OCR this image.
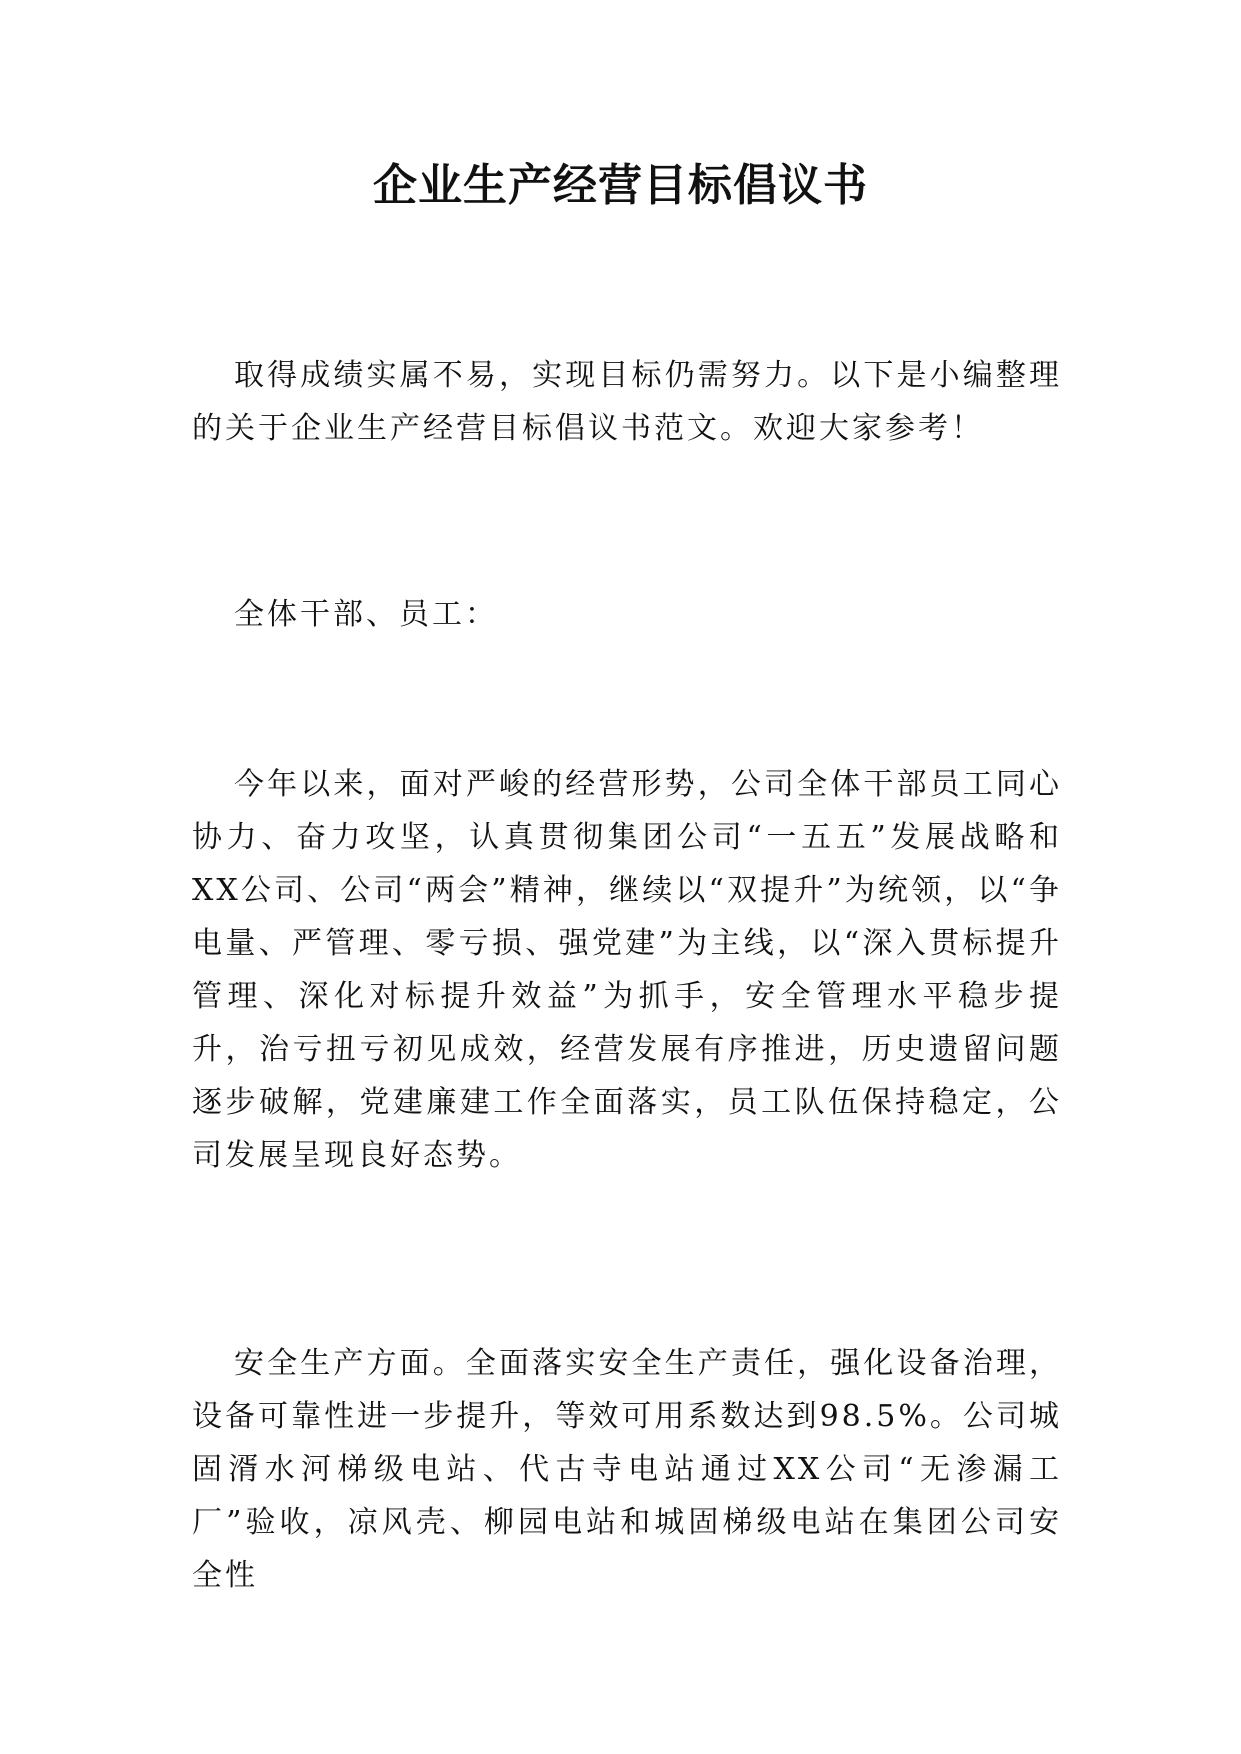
企业生产经营目标倡议书

取得成绩实属不易，实现目标仍需努力。以下是小编整理的关于企业生产经营目标倡议书范文。欢迎大家参考！

全体干部、员工：

今年以来，面对严峻的经营形势，公司全体干部员工同心协力、奋力攻坚，认真贯彻集团公司“一五五”发展战略和XX公司、公司“两会”精神，继续以“双提升”为统领，以“争电量、严管理、零亏损、强党建”为主线，以“深入贯标提升管理、深化对标提升效益”为抓手，安全管理水平稳步提升，治亏扭亏初见成效，经营发展有序推进，历史遗留问题逐步破解，党建廉建工作全面落实，员工队伍保持稳定，公司发展呈现良好态势。

安全生产方面。全面落实安全生产责任，强化设备治理，设备可靠性进一步提升，等效可用系数达到98.5%。公司城固湑水河梯级电站、代古寺电站通过XX公司“无渗漏工厂”验收，凉风壳、柳园电站和城固梯级电站在集团公司安全性
